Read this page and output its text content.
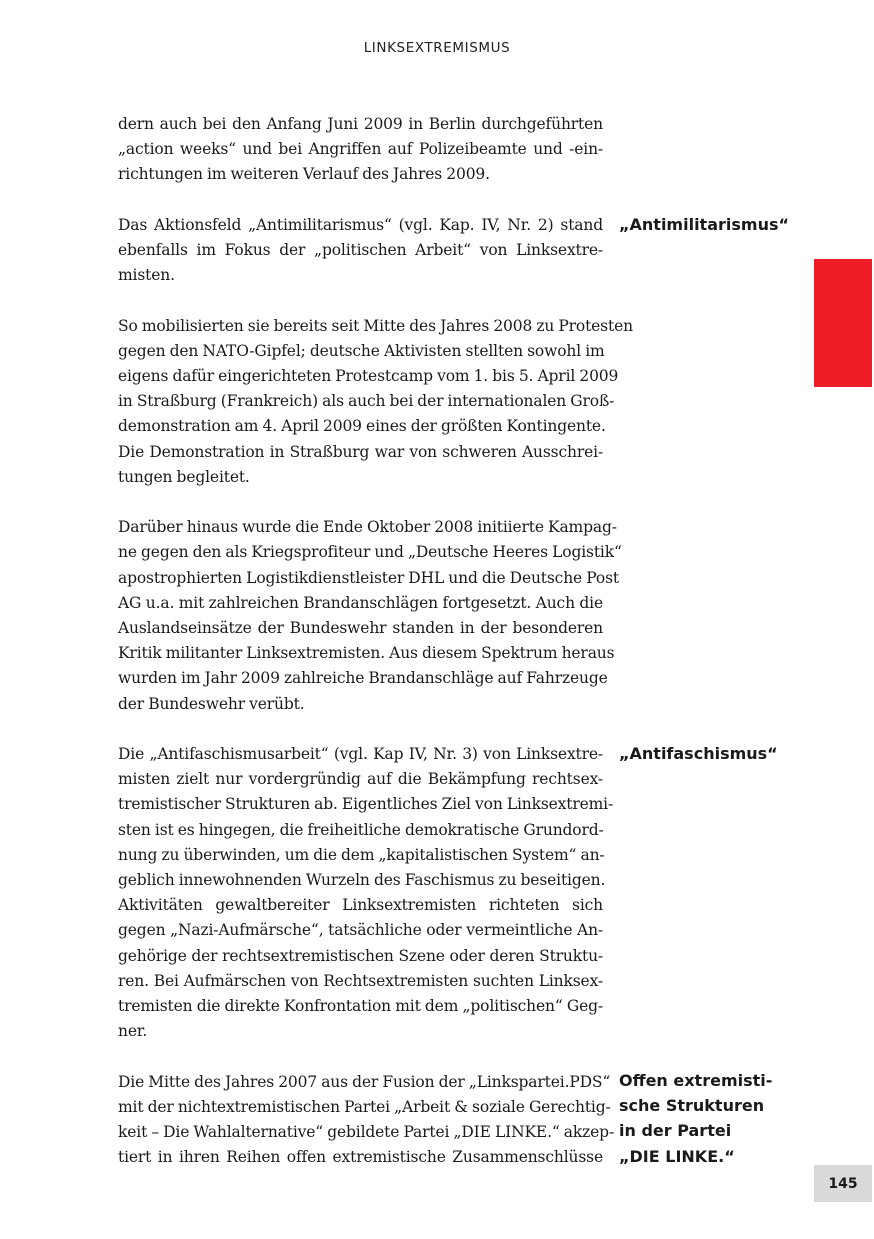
LINKSEXTREMISMUS

dern auch bei den Anfang Juni 2009 in Berlin durchgeführten
„action weeks“ und bei Angriffen auf Polizeibeamte und -ein-
richtungen im weiteren Verlauf des Jahres 2009.

Das Aktionsfeld „Antimilitarismus“ (vgl. Kap. IV, Nr. 2) stand
ebenfalls im Fokus der „politischen Arbeit“ von Linksextre-
misten.

So mobilisierten sie bereits seit Mitte des Jahres 2008 zu Protesten
gegen den NATO-Gipfel; deutsche Aktivisten stellten sowohl im
eigens dafür eingerichteten Protestcamp vom 1. bis 5. April 2009
in Straßburg (Frankreich) als auch bei der internationalen Groß-
demonstration am 4. April 2009 eines der größten Kontingente.
Die Demonstration in Straßburg war von schweren Ausschrei-
tungen begleitet.

Darüber hinaus wurde die Ende Oktober 2008 initiierte Kampag-
ne gegen den als Kriegsprofiteur und „Deutsche Heeres Logistik“
apostrophierten Logistikdienstleister DHL und die Deutsche Post
AG u.a. mit zahlreichen Brandanschlägen fortgesetzt. Auch die
Auslandseinsätze der Bundeswehr standen in der besonderen
Kritik militanter Linksextremisten. Aus diesem Spektrum heraus
wurden im Jahr 2009 zahlreiche Brandanschläge auf Fahrzeuge
der Bundeswehr verübt.

Die „Antifaschismusarbeit“ (vgl. Kap IV, Nr. 3) von Linksextre-
misten zielt nur vordergründig auf die Bekämpfung rechtsex-
tremistischer Strukturen ab. Eigentliches Ziel von Linksextremi-
sten ist es hingegen, die freiheitliche demokratische Grundord-
nung zu überwinden, um die dem „kapitalistischen System“ an-
geblich innewohnenden Wurzeln des Faschismus zu beseitigen.
Aktivitäten gewaltbereiter Linksextremisten richteten sich
gegen „Nazi-Aufmärsche“, tatsächliche oder vermeintliche An-
gehörige der rechtsextremistischen Szene oder deren Struktu-
ren. Bei Aufmärschen von Rechtsextremisten suchten Linksex-
tremisten die direkte Konfrontation mit dem „politischen“ Geg-
ner.

Die Mitte des Jahres 2007 aus der Fusion der „Linkspartei.PDS“
mit der nichtextremistischen Partei „Arbeit & soziale Gerechtig-
keit – Die Wahlalternative“ gebildete Partei „DIE LINKE.“ akzep-
tiert in ihren Reihen offen extremistische Zusammenschlüsse

„Antimilitarismus“
„Antifaschismus“
Offen extremisti-
sche Strukturen
in der Partei
„DIE LINKE.“
145
